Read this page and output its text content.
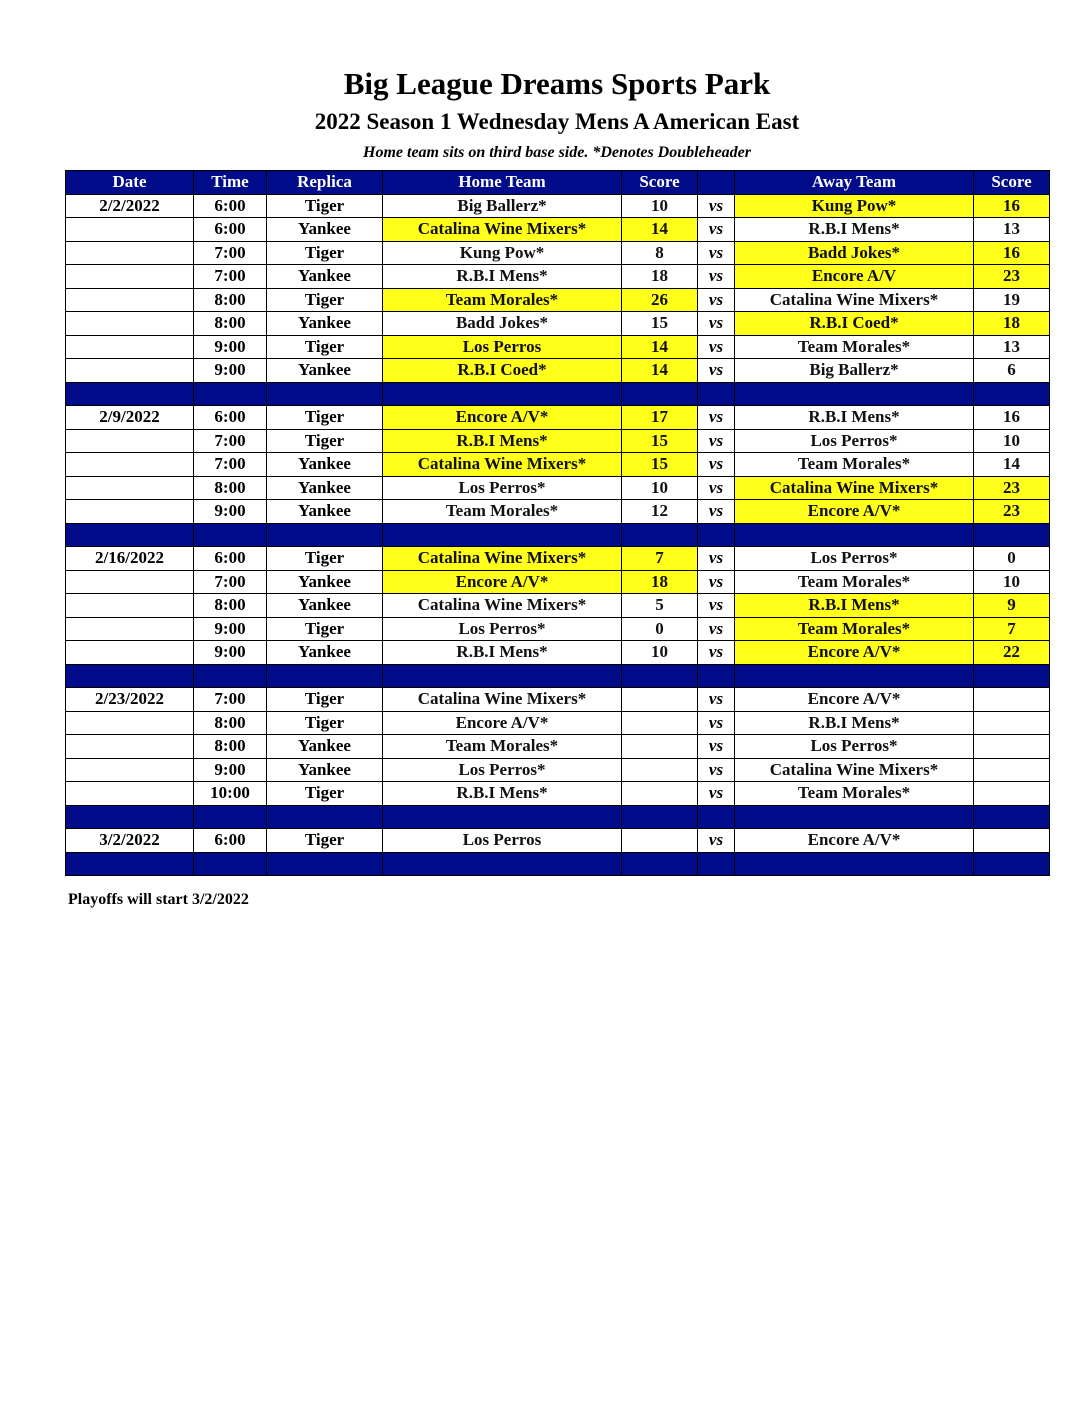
Big League Dreams Sports Park
2022 Season 1 Wednesday Mens A American East
Home team sits on third base side. *Denotes Doubleheader
Date	Time	Replica	Home Team	Score		Away Team	Score
2/2/2022	6:00	Tiger	Big Ballerz*	10	vs	Kung Pow*	16
	6:00	Yankee	Catalina Wine Mixers*	14	vs	R.B.I Mens*	13
	7:00	Tiger	Kung Pow*	8	vs	Badd Jokes*	16
	7:00	Yankee	R.B.I Mens*	18	vs	Encore A/V	23
	8:00	Tiger	Team Morales*	26	vs	Catalina Wine Mixers*	19
	8:00	Yankee	Badd Jokes*	15	vs	R.B.I Coed*	18
	9:00	Tiger	Los Perros	14	vs	Team Morales*	13
	9:00	Yankee	R.B.I Coed*	14	vs	Big Ballerz*	6

2/9/2022	6:00	Tiger	Encore A/V*	17	vs	R.B.I Mens*	16
	7:00	Tiger	R.B.I Mens*	15	vs	Los Perros*	10
	7:00	Yankee	Catalina Wine Mixers*	15	vs	Team Morales*	14
	8:00	Yankee	Los Perros*	10	vs	Catalina Wine Mixers*	23
	9:00	Yankee	Team Morales*	12	vs	Encore A/V*	23

2/16/2022	6:00	Tiger	Catalina Wine Mixers*	7	vs	Los Perros*	0
	7:00	Yankee	Encore A/V*	18	vs	Team Morales*	10
	8:00	Yankee	Catalina Wine Mixers*	5	vs	R.B.I Mens*	9
	9:00	Tiger	Los Perros*	0	vs	Team Morales*	7
	9:00	Yankee	R.B.I Mens*	10	vs	Encore A/V*	22

2/23/2022	7:00	Tiger	Catalina Wine Mixers*		vs	Encore A/V*	
	8:00	Tiger	Encore A/V*		vs	R.B.I Mens*	
	8:00	Yankee	Team Morales*		vs	Los Perros*	
	9:00	Yankee	Los Perros*		vs	Catalina Wine Mixers*	
	10:00	Tiger	R.B.I Mens*		vs	Team Morales*	

3/2/2022	6:00	Tiger	Los Perros		vs	Encore A/V*	

Playoffs will start 3/2/2022
